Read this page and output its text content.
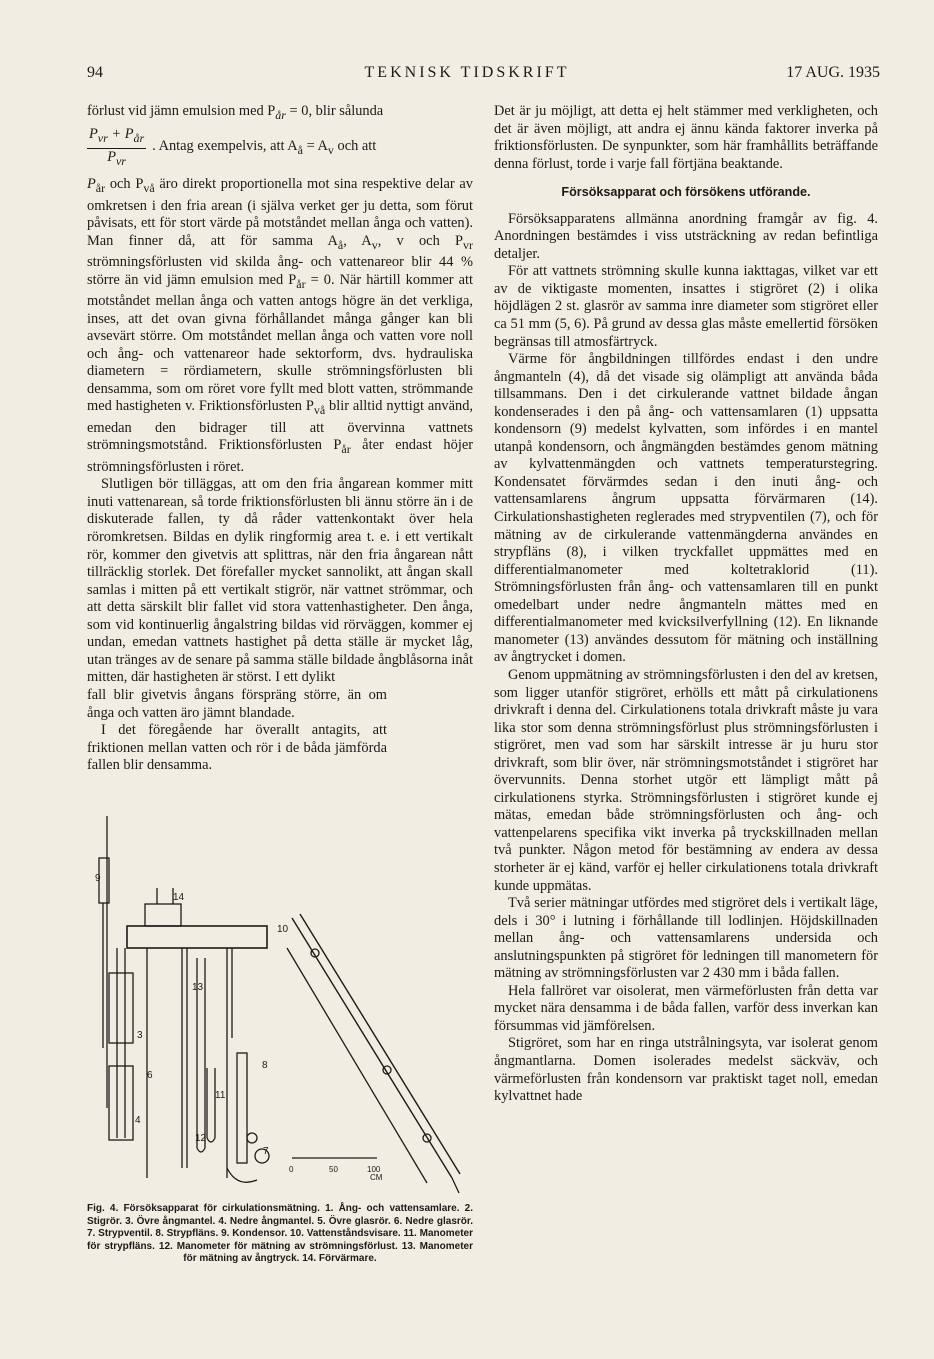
94	TEKNISK TIDSKRIFT	17 AUG. 1935

förlust vid jämn emulsion med $P_{år} = 0$, blir sålunda

$\frac{P_{vr} + P_{år}}{P_{vr}}$ . Antag exempelvis, att $A_å = A_v$ och att

$P_{år}$ och $P_{vå}$ äro direkt proportionella mot sina respektive delar av omkretsen i den fria arean (i själva verket ger ju detta, som förut påvisats, ett för stort värde på motståndet mellan ånga och vatten). Man finner då, att för samma $A_å$, $A_v$, v och $P_{vr}$ strömningsförlusten vid skilda ång- och vattenareor blir 44 % större än vid jämn emulsion med $P_{år} = 0$. När härtill kommer att motståndet mellan ånga och vatten antogs högre än det verkliga, inses, att det ovan givna förhållandet många gånger kan bli avsevärt större. Om motståndet mellan ånga och vatten vore noll och ång- och vattenareor hade sektorform, dvs. hydrauliska diametern = rördiametern, skulle strömningsförlusten bli densamma, som om röret vore fyllt med blott vatten, strömmande med hastigheten v. Friktionsförlusten $P_{vå}$ blir alltid nyttigt använd, emedan den bidrager till att övervinna vattnets strömningsmotstånd. Friktionsförlusten $P_{år}$ åter endast höjer strömningsförlusten i röret.

Slutligen bör tilläggas, att om den fria ångarean kommer mitt inuti vattenarean, så torde friktionsförlusten bli ännu större än i de diskuterade fallen, ty då råder vattenkontakt över hela röromkretsen. Bildas en dylik ringformig area t. e. i ett vertikalt rör, kommer den givetvis att splittras, när den fria ångarean nått tillräcklig storlek. Det förefaller mycket sannolikt, att ångan skall samlas i mitten på ett vertikalt stigrör, när vattnet strömmar, och att detta särskilt blir fallet vid stora vattenhastigheter. Den ånga, som vid kontinuerlig ångalstring bildas vid rörväggen, kommer ej undan, emedan vattnets hastighet på detta ställe är mycket låg, utan tränges av de senare på samma ställe bildade ångblåsorna inåt mitten, där hastigheten är störst. I ett dylikt

fall blir givetvis ångans förspräng större, än om ånga och vatten äro jämnt blandade.

I det föregående har överallt antagits, att friktionen mellan vatten och rör i de båda jämförda fallen blir densamma.

9
14
10
13
3
6
8
11
4
12
7
0	50	100
CM
Fig. 4. Försöksapparat för cirkulationsmätning. 1. Ång- och vattensamlare. 2. Stigrör. 3. Övre ångmantel. 4. Nedre ångmantel. 5. Övre glasrör. 6. Nedre glasrör. 7. Strypventil. 8. Strypfläns. 9. Kondensor. 10. Vattenståndsvisare. 11. Manometer för strypfläns. 12. Manometer för mätning av strömningsförlust. 13. Manometer för mätning av ångtryck. 14. Förvärmare.

Det är ju möjligt, att detta ej helt stämmer med verkligheten, och det är även möjligt, att andra ej ännu kända faktorer inverka på friktionsförlusten. De synpunkter, som här framhållits beträffande denna förlust, torde i varje fall förtjäna beaktande.

Försöksapparat och försökens utförande.

Försöksapparatens allmänna anordning framgår av fig. 4. Anordningen bestämdes i viss utsträckning av redan befintliga detaljer.

För att vattnets strömning skulle kunna iakttagas, vilket var ett av de viktigaste momenten, insattes i stigröret (2) i olika höjdlägen 2 st. glasrör av samma inre diameter som stigröret eller ca 51 mm (5, 6). På grund av dessa glas måste emellertid försöken begränsas till atmosfärtryck.

Värme för ångbildningen tillfördes endast i den undre ångmanteln (4), då det visade sig olämpligt att använda båda tillsammans. Den i det cirkulerande vattnet bildade ångan kondenserades i den på ång- och vattensamlaren (1) uppsatta kondensorn (9) medelst kylvatten, som infördes i en mantel utanpå kondensorn, och ångmängden bestämdes genom mätning av kylvattenmängden och vattnets temperaturstegring. Kondensatet förvärmdes sedan i den inuti ång- och vattensamlarens ångrum uppsatta förvärmaren (14). Cirkulationshastigheten reglerades med strypventilen (7), och för mätning av de cirkulerande vattenmängderna användes en strypfläns (8), i vilken tryckfallet uppmättes med en differentialmanometer med koltetraklorid (11). Strömningsförlusten från ång- och vattensamlaren till en punkt omedelbart under nedre ångmanteln mättes med en differentialmanometer med kvicksilverfyllning (12). En liknande manometer (13) användes dessutom för mätning och inställning av ångtrycket i domen.

Genom uppmätning av strömningsförlusten i den del av kretsen, som ligger utanför stigröret, erhölls ett mått på cirkulationens drivkraft i denna del. Cirkulationens totala drivkraft måste ju vara lika stor som denna strömningsförlust plus strömningsförlusten i stigröret, men vad som har särskilt intresse är ju huru stor drivkraft, som blir över, när strömningsmotståndet i stigröret har övervunnits. Denna storhet utgör ett lämpligt mått på cirkulationens styrka. Strömningsförlusten i stigröret kunde ej mätas, emedan både strömningsförlusten och ång- och vattenpelarens specifika vikt inverka på tryckskillnaden mellan två punkter. Någon metod för bestämning av endera av dessa storheter är ej känd, varför ej heller cirkulationens totala drivkraft kunde uppmätas.

Två serier mätningar utfördes med stigröret dels i vertikalt läge, dels i 30° i lutning i förhållande till lodlinjen. Höjdskillnaden mellan ång- och vattensamlarens undersida och anslutningspunkten på stigröret för ledningen till manometern för mätning av strömningsförlusten var 2 430 mm i båda fallen.

Hela fallröret var oisolerat, men värmeförlusten från detta var mycket nära densamma i de båda fallen, varför dess inverkan kan försummas vid jämförelsen.

Stigröret, som har en ringa utstrålningsyta, var isolerat genom ångmantlarna. Domen isolerades medelst säckväv, och värmeförlusten från kondensorn var praktiskt taget noll, emedan kylvattnet hade
